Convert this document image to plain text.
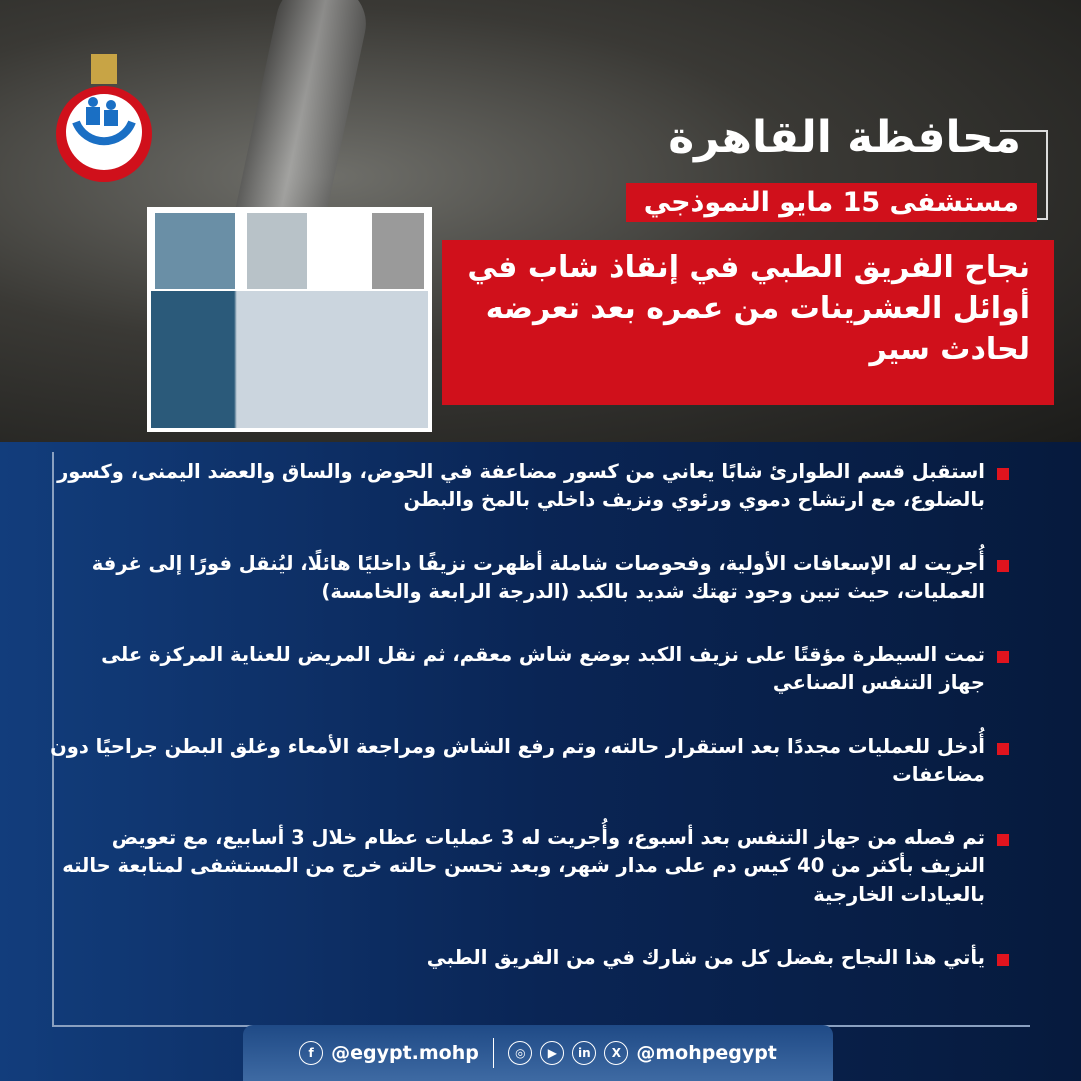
محافظة القاهرة
مستشفى 15 مايو النموذجي
نجاح الفريق الطبي في إنقاذ شاب في أوائل العشرينات من عمره بعد تعرضه لحادث سير
استقبل قسم الطوارئ شابًا يعاني من كسور مضاعفة في الحوض، والساق والعضد اليمنى، وكسور بالضلوع، مع ارتشاح دموي ورئوي ونزيف داخلي بالمخ والبطن
أُجريت له الإسعافات الأولية، وفحوصات شاملة أظهرت نزيفًا داخليًا هائلًا، ليُنقل فورًا إلى غرفة العمليات، حيث تبين وجود تهتك شديد بالكبد (الدرجة الرابعة والخامسة)
تمت السيطرة مؤقتًا على نزيف الكبد بوضع شاش معقم، ثم نقل المريض للعناية المركزة على جهاز التنفس الصناعي
أُدخل للعمليات مجددًا بعد استقرار حالته، وتم رفع الشاش ومراجعة الأمعاء وغلق البطن جراحيًا دون مضاعفات
تم فصله من جهاز التنفس بعد أسبوع، وأُجريت له 3 عمليات عظام خلال 3 أسابيع، مع تعويض النزيف بأكثر من 40 كيس دم على مدار شهر، وبعد تحسن حالته خرج من المستشفى لمتابعة حالته بالعيادات الخارجية
يأتي هذا النجاح بفضل كل من شارك في من الفريق الطبي
f @egypt.mohp	◎	▶	in	X @mohpegypt
